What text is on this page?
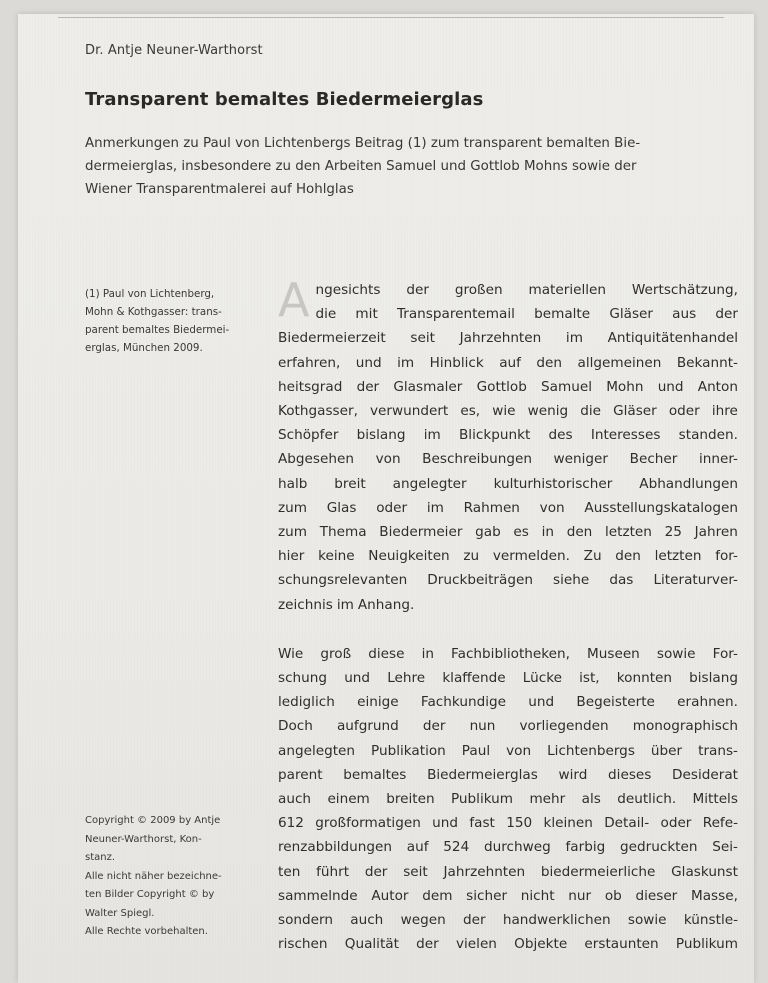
Dr. Antje Neuner-Warthorst
Transparent bemaltes Biedermeierglas
Anmerkungen zu Paul von Lichtenbergs Beitrag (1) zum transparent bemalten Bie-
dermeierglas, insbesondere zu den Arbeiten Samuel und Gottlob Mohns sowie der
Wiener Transparentmalerei auf Hohlglas
(1) Paul von Lichtenberg,
Mohn & Kothgasser: trans-
parent bemaltes Biedermei-
erglas, München 2009.
Copyright © 2009 by Antje
Neuner-Warthorst, Kon-
stanz.
Alle nicht näher bezeichne-
ten Bilder Copyright © by
Walter Spiegl.
Alle Rechte vorbehalten.
A ngesichts der großen materiellen Wertschätzung,
die mit Transparentemail bemalte Gläser aus der
Biedermeierzeit seit Jahrzehnten im Antiquitätenhandel
erfahren, und im Hinblick auf den allgemeinen Bekannt-
heitsgrad der Glasmaler Gottlob Samuel Mohn und Anton
Kothgasser, verwundert es, wie wenig die Gläser oder ihre
Schöpfer bislang im Blickpunkt des Interesses standen.
Abgesehen von Beschreibungen weniger Becher inner-
halb breit angelegter kulturhistorischer Abhandlungen
zum Glas oder im Rahmen von Ausstellungskatalogen
zum Thema Biedermeier gab es in den letzten 25 Jahren
hier keine Neuigkeiten zu vermelden. Zu den letzten for-
schungsrelevanten Druckbeiträgen siehe das Literaturver-
zeichnis im Anhang.
Wie groß diese in Fachbibliotheken, Museen sowie For-
schung und Lehre klaffende Lücke ist, konnten bislang
lediglich einige Fachkundige und Begeisterte erahnen.
Doch aufgrund der nun vorliegenden monographisch
angelegten Publikation Paul von Lichtenbergs über trans-
parent bemaltes Biedermeierglas wird dieses Desiderat
auch einem breiten Publikum mehr als deutlich. Mittels
612 großformatigen und fast 150 kleinen Detail- oder Refe-
renzabbildungen auf 524 durchweg farbig gedruckten Sei-
ten führt der seit Jahrzehnten biedermeierliche Glaskunst
sammelnde Autor dem sicher nicht nur ob dieser Masse,
sondern auch wegen der handwerklichen sowie künstle-
rischen Qualität der vielen Objekte erstaunten Publikum
